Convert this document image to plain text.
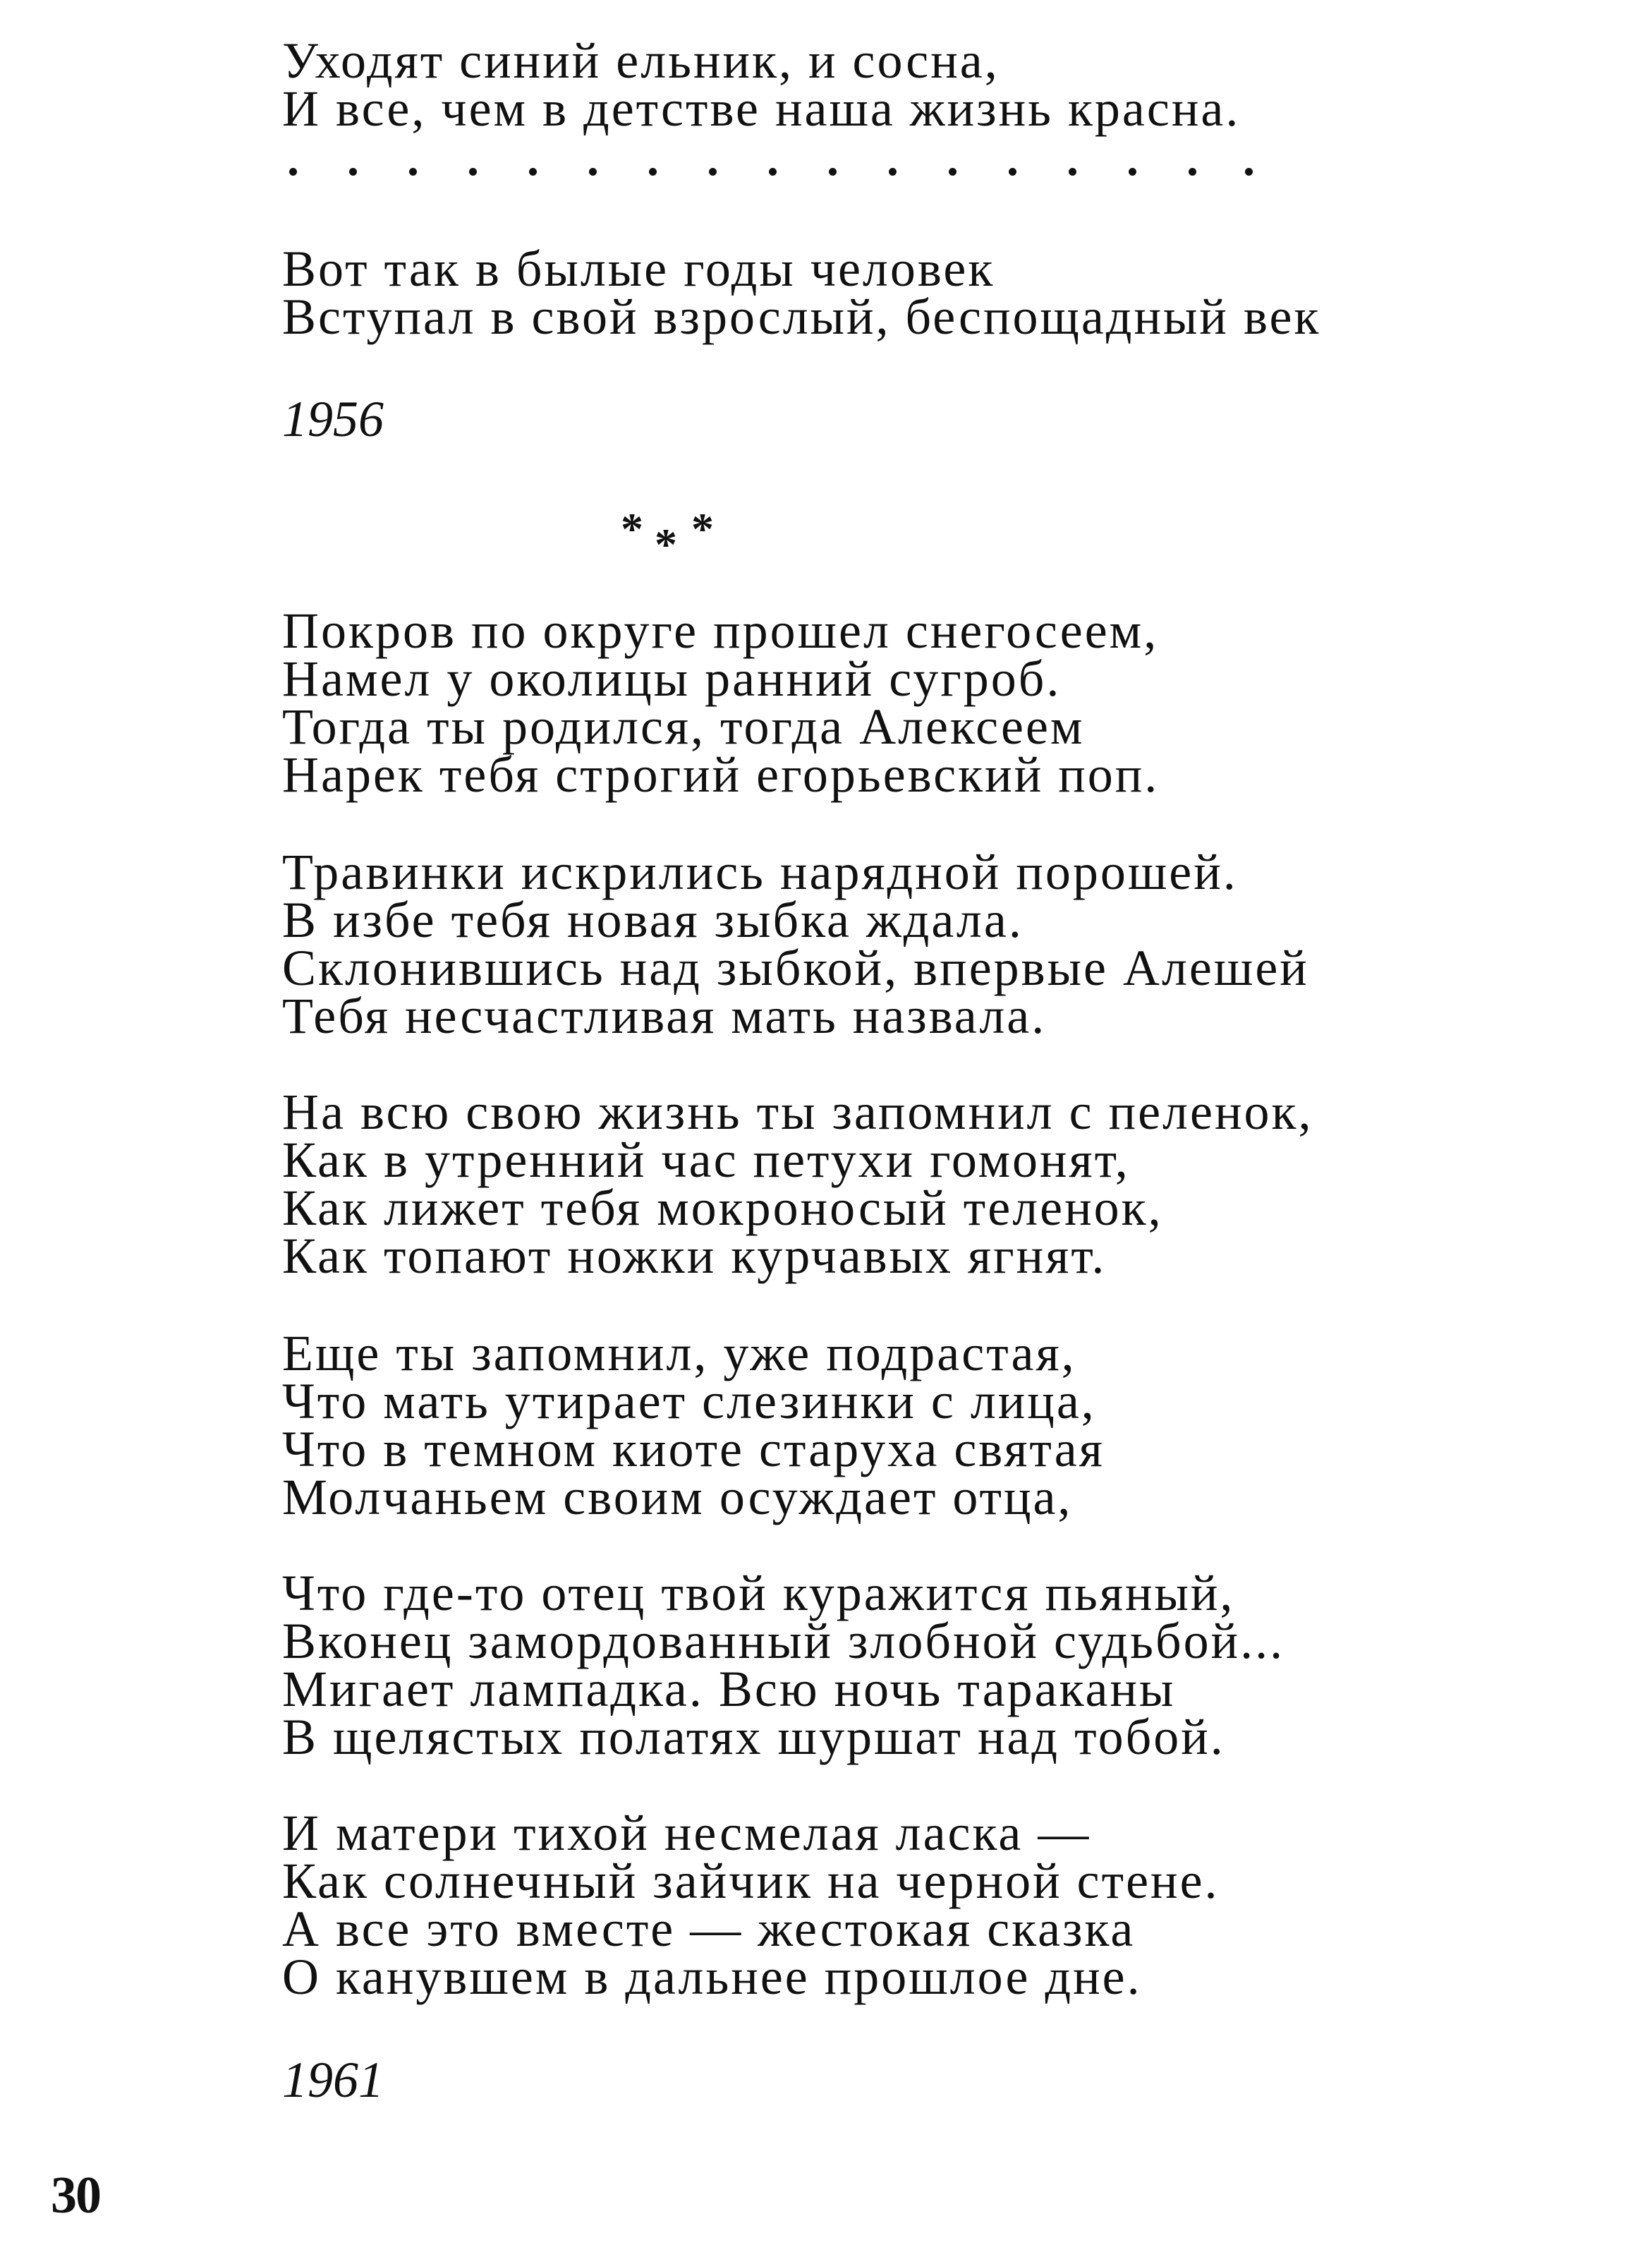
Уходят синий ельник, и сосна,
И все, чем в детстве наша жизнь красна.
Вот так в былые годы человек
Вступал в свой взрослый, беспощадный век
1956
* * *
Покров по округе прошел снегосеем,
Намел у околицы ранний сугроб.
Тогда ты родился, тогда Алексеем
Нарек тебя строгий егорьевский поп.
Травинки искрились нарядной порошей.
В избе тебя новая зыбка ждала.
Склонившись над зыбкой, впервые Алешей
Тебя несчастливая мать назвала.
На всю свою жизнь ты запомнил с пеленок,
Как в утренний час петухи гомонят,
Как лижет тебя мокроносый теленок,
Как топают ножки курчавых ягнят.
Еще ты запомнил, уже подрастая,
Что мать утирает слезинки с лица,
Что в темном киоте старуха святая
Молчаньем своим осуждает отца,
Что где-то отец твой куражится пьяный,
Вконец замордованный злобной судьбой...
Мигает лампадка. Всю ночь тараканы
В щелястых полатях шуршат над тобой.
И матери тихой несмелая ласка —
Как солнечный зайчик на черной стене.
А все это вместе — жестокая сказка
О канувшем в дальнее прошлое дне.
1961
30
